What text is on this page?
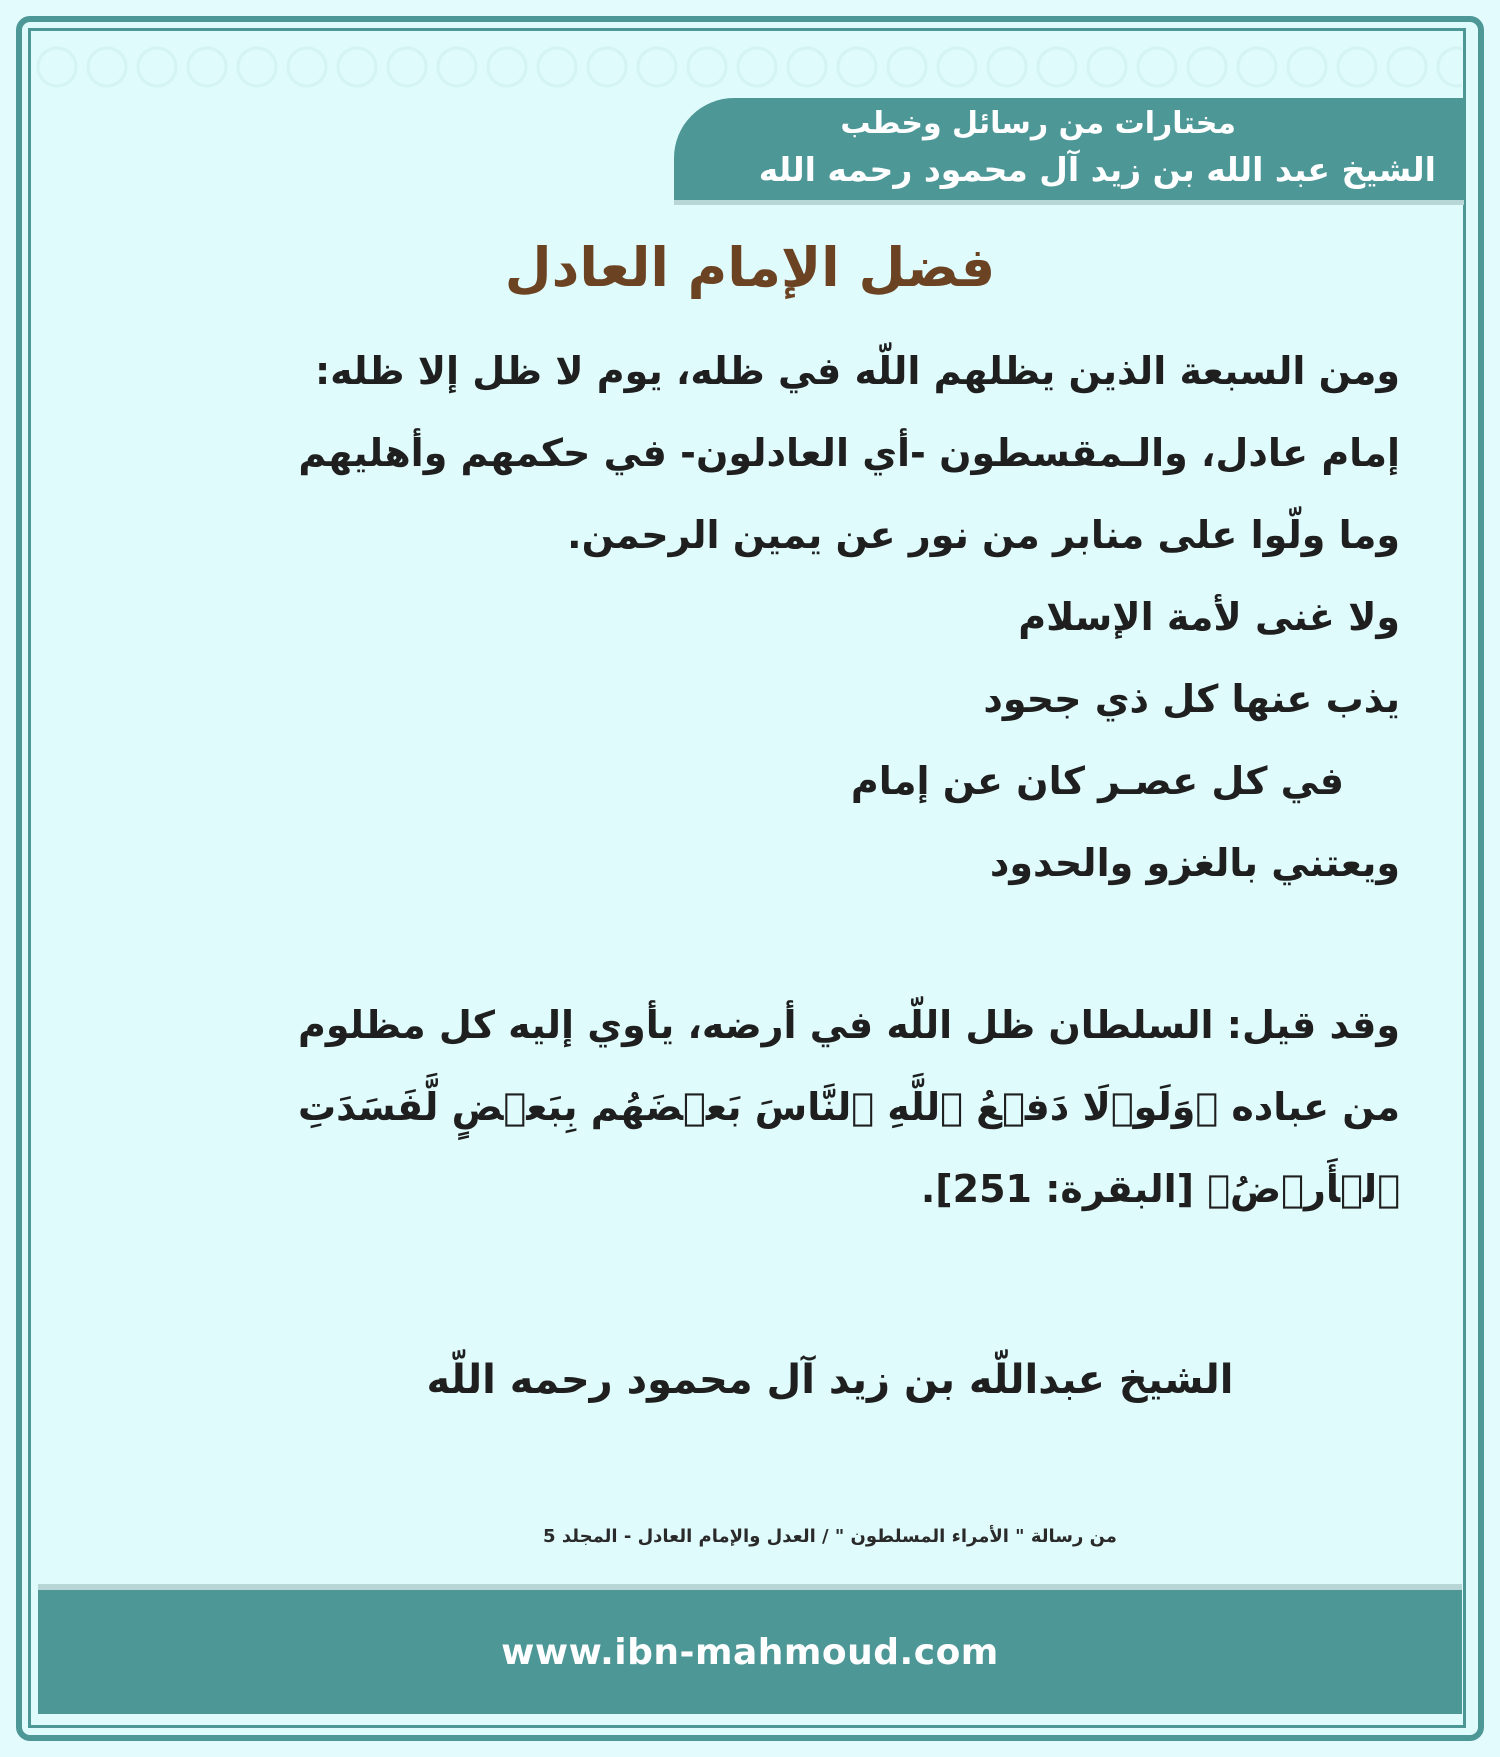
مختارات من رسائل وخطب
الشيخ عبد الله بن زيد آل محمود رحمه الله
فضل الإمام العادل
ومن السبعة الذين يظلهم اللّه في ظله، يوم لا ظل إلا ظله:
إمام عادل، والـمقسطون -أي العادلون- في حكمهم وأهليهم
وما ولّوا على منابر من نور عن يمين الرحمن.
ولا غنى لأمة الإسلام
يذب عنها كل ذي جحود
في كل عصـر كان عن إمام
ويعتني بالغزو والحدود
وقد قيل: السلطان ظل اللّه في أرضه، يأوي إليه كل مظلوم
من عباده ﴿وَلَوۡلَا دَفۡعُ ٱللَّهِ ٱلنَّاسَ بَعۡضَهُم بِبَعۡضٍ لَّفَسَدَتِ
ٱلۡأَرۡضُ﴾ [البقرة: 251].
الشيخ عبداللّه بن زيد آل محمود رحمه اللّه
من رسالة " الأمراء المسلطون " / العدل والإمام العادل - المجلد 5
www.ibn-mahmoud.com
